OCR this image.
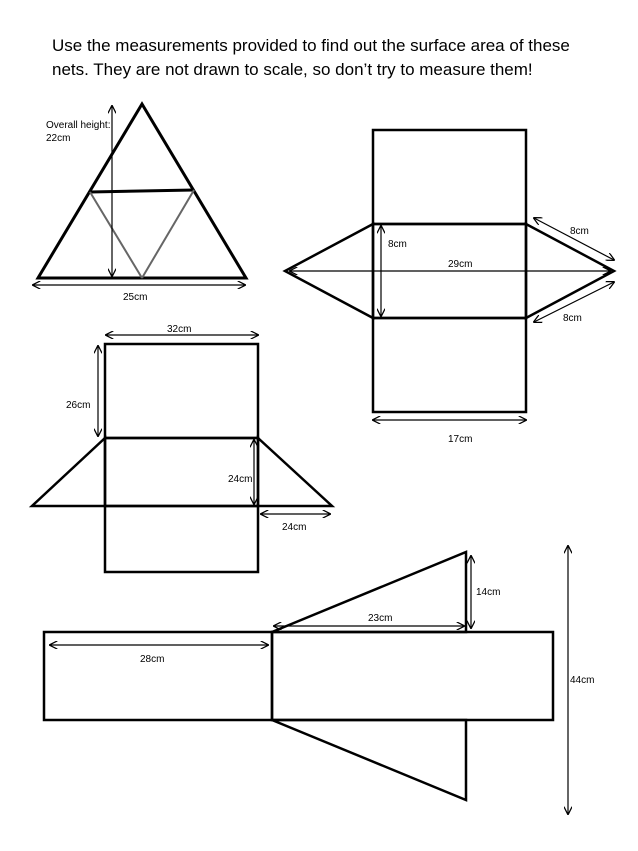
Use the measurements provided to find out the surface area of these
nets. They are not drawn to scale, so don’t try to measure them!
Overall height:
22cm
25cm
8cm
29cm
8cm
8cm
17cm
32cm
26cm
24cm
24cm
28cm
23cm
14cm
44cm
